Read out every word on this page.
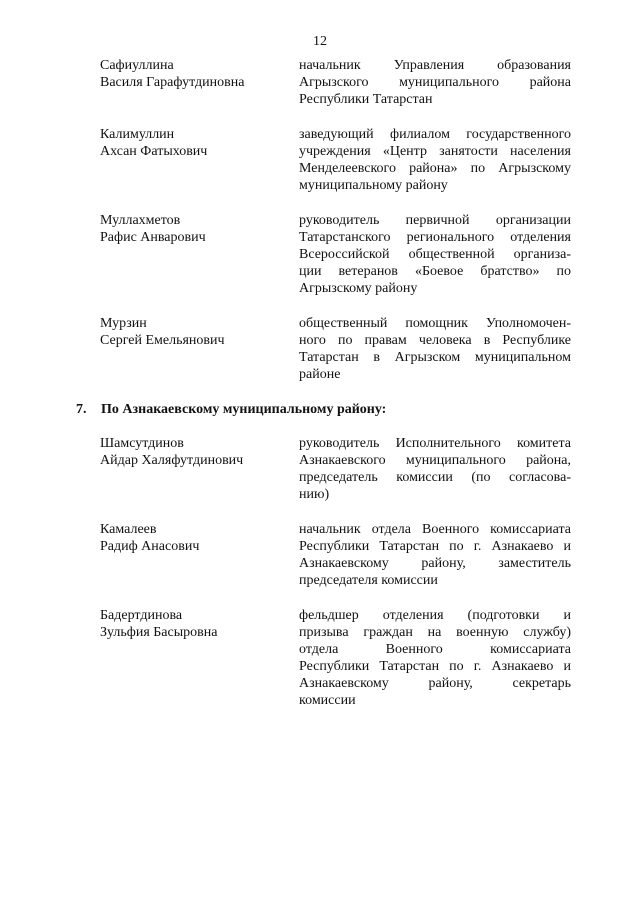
12
Сафиуллина
Василя Гарафутдиновна
начальник Управления образования
Агрызского муниципального района
Республики Татарстан
Калимуллин
Ахсан Фатыхович
заведующий филиалом государственного
учреждения «Центр занятости населения
Менделеевского района» по Агрызскому
муниципальному району
Муллахметов
Рафис Анварович
руководитель первичной организации
Татарстанского регионального отделения
Всероссийской общественной организа-
ции ветеранов «Боевое братство» по
Агрызскому району
Мурзин
Сергей Емельянович
общественный помощник Уполномочен-
ного по правам человека в Республике
Татарстан в Агрызском муниципальном
районе
7. По Азнакаевскому муниципальному району:
Шамсутдинов
Айдар Халяфутдинович
руководитель Исполнительного комитета
Азнакаевского муниципального района,
председатель комиссии (по согласова-
нию)
Камалеев
Радиф Анасович
начальник отдела Военного комиссариата
Республики Татарстан по г. Азнакаево и
Азнакаевскому району, заместитель
председателя комиссии
Бадертдинова
Зульфия Басыровна
фельдшер отделения (подготовки и
призыва граждан на военную службу)
отдела Военного комиссариата
Республики Татарстан по г. Азнакаево и
Азнакаевскому району, секретарь
комиссии
